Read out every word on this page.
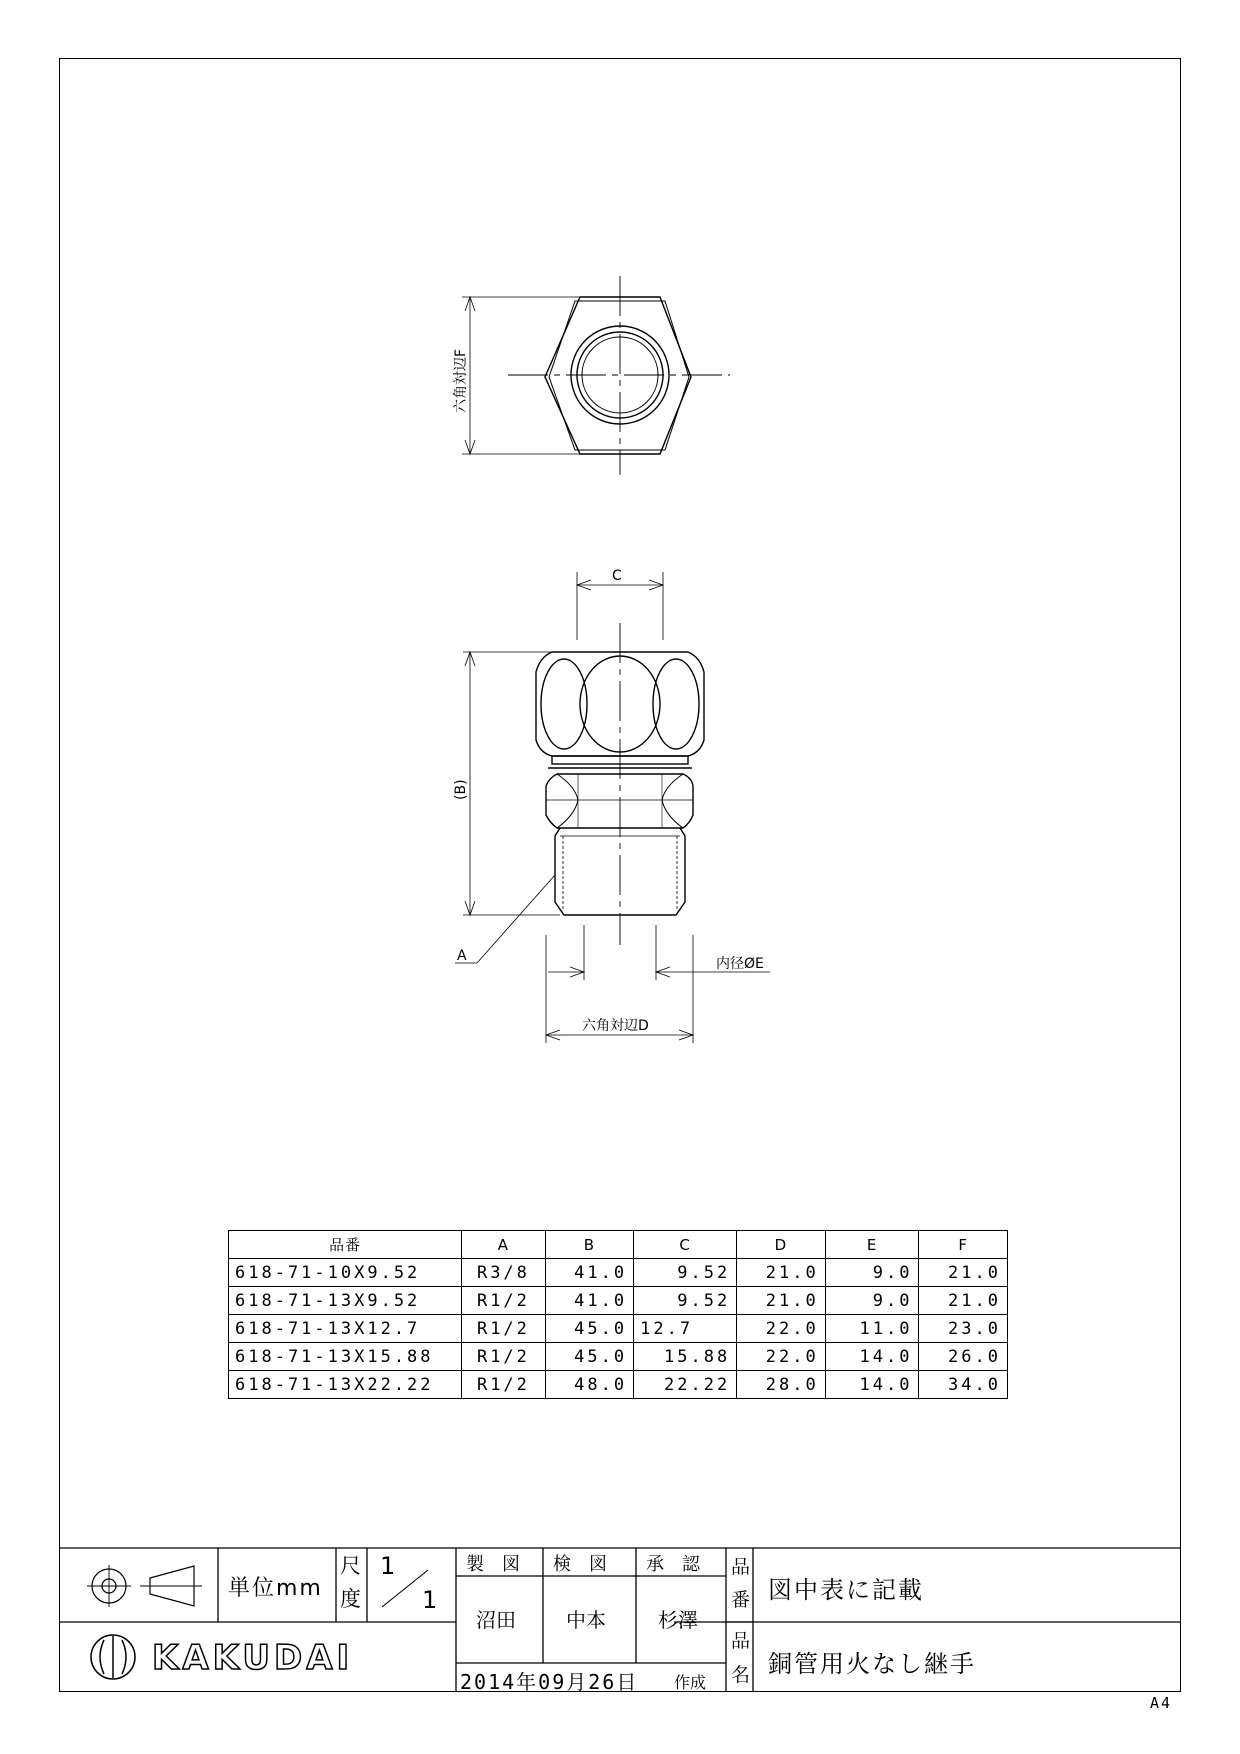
六角対辺F
C
(B)
A	内径ØE
六角対辺D
品番	A	B	C	D	E	F
618-71-10X9.52	R3/8	41.0	9.52	21.0	9.0	21.0
618-71-13X9.52	R1/2	41.0	9.52	21.0	9.0	21.0
618-71-13X12.7	R1/2	45.0	12.7	22.0	11.0	23.0
618-71-13X15.88	R1/2	45.0	15.88	22.0	14.0	26.0
618-71-13X22.22	R1/2	48.0	22.22	28.0	14.0	34.0
単位mm
尺
度
1
1
製　図 検　図 承　認
沼田	中本	杉澤
品
番 図中表に記載
品
名 銅管用火なし継手
KAKUDAI
2014年09月26日 作成
A4
